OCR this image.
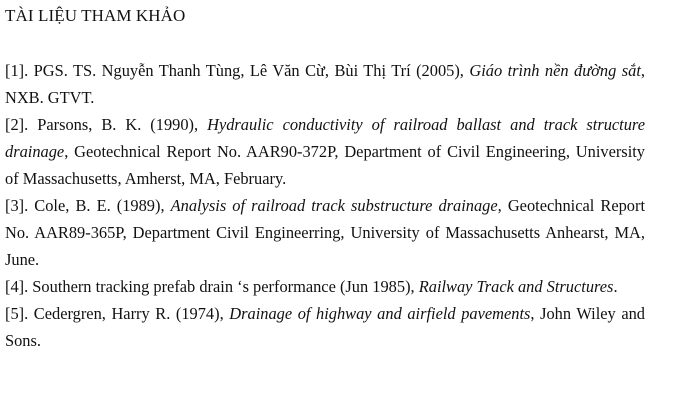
TÀI LIỆU THAM KHẢO

[1]. PGS. TS. Nguyễn Thanh Tùng, Lê Văn Cừ, Bùi Thị Trí (2005), Giáo trình nền đường sắt, NXB. GTVT.

[2]. Parsons, B. K. (1990), Hydraulic conductivity of railroad ballast and track structure drainage, Geotechnical Report No. AAR90-372P, Department of Civil Engineering, University of Massachusetts, Amherst, MA, February.

[3]. Cole, B. E. (1989), Analysis of railroad track substructure drainage, Geotechnical Report No. AAR89-365P, Department Civil Engineerring, University of Massachusetts Anhearst, MA, June.

[4]. Southern tracking prefab drain ‘s performance (Jun 1985), Railway Track and Structures.

[5]. Cedergren, Harry R. (1974), Drainage of highway and airfield pavements, John Wiley and Sons.
